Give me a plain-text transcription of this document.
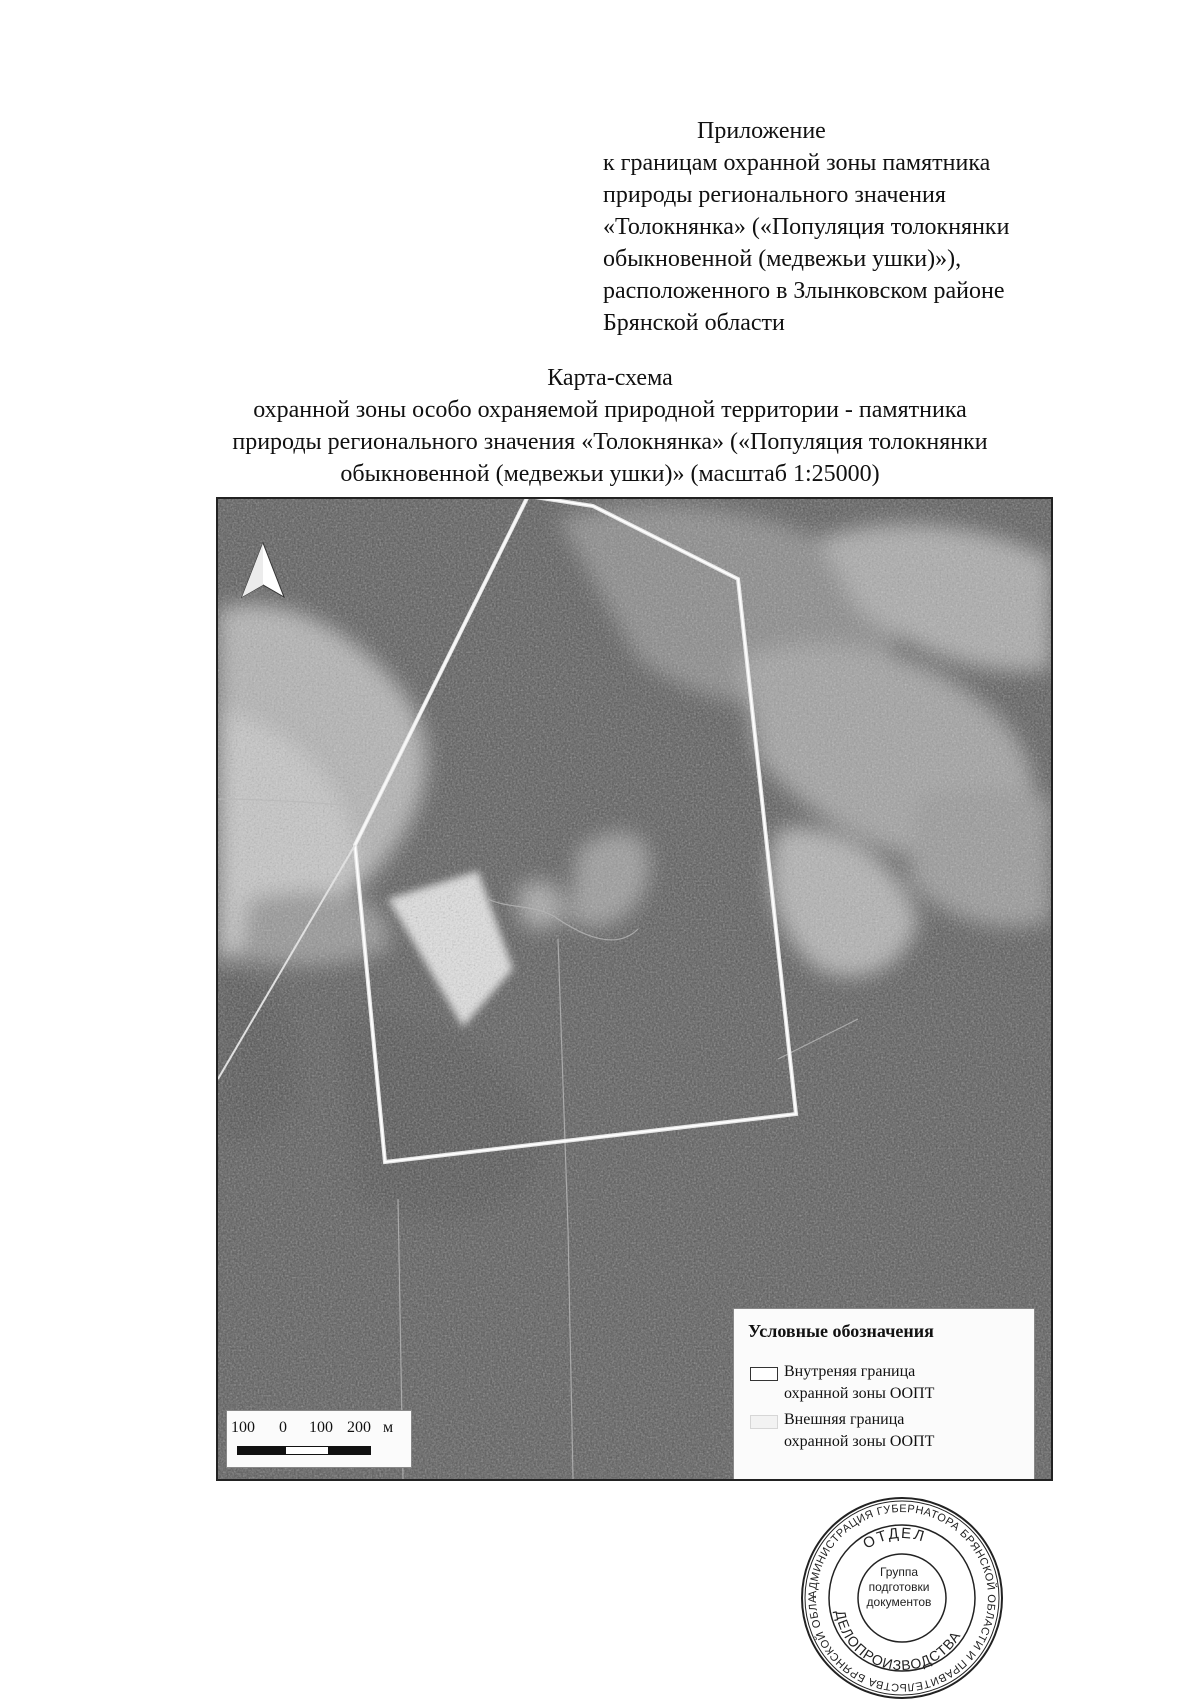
Приложение
к границам охранной зоны памятника
природы регионального значения
«Толокнянка» («Популяция толокнянки
обыкновенной (медвежьи ушки)»),
расположенного в Злынковском районе
Брянской области
Карта-схема
охранной зоны особо охраняемой природной территории - памятника
природы регионального значения «Толокнянка» («Популяция толокнянки
обыкновенной (медвежьи ушки)» (масштаб 1:25000)
100 0 100 200 м
Условные обозначения
Внутреняя граница
охранной зоны ООПТ
Внешняя граница
охранной зоны ООПТ
АДМИНИСТРАЦИЯ ГУБЕРНАТОРА БРЯНСКОЙ ОБЛАСТИ И ПРАВИТЕЛЬСТВА БРЯНСКОЙ ОБЛА
ОТДЕЛ
ДЕЛОПРОИЗВОДСТВА
Группа
подготовки
документов
